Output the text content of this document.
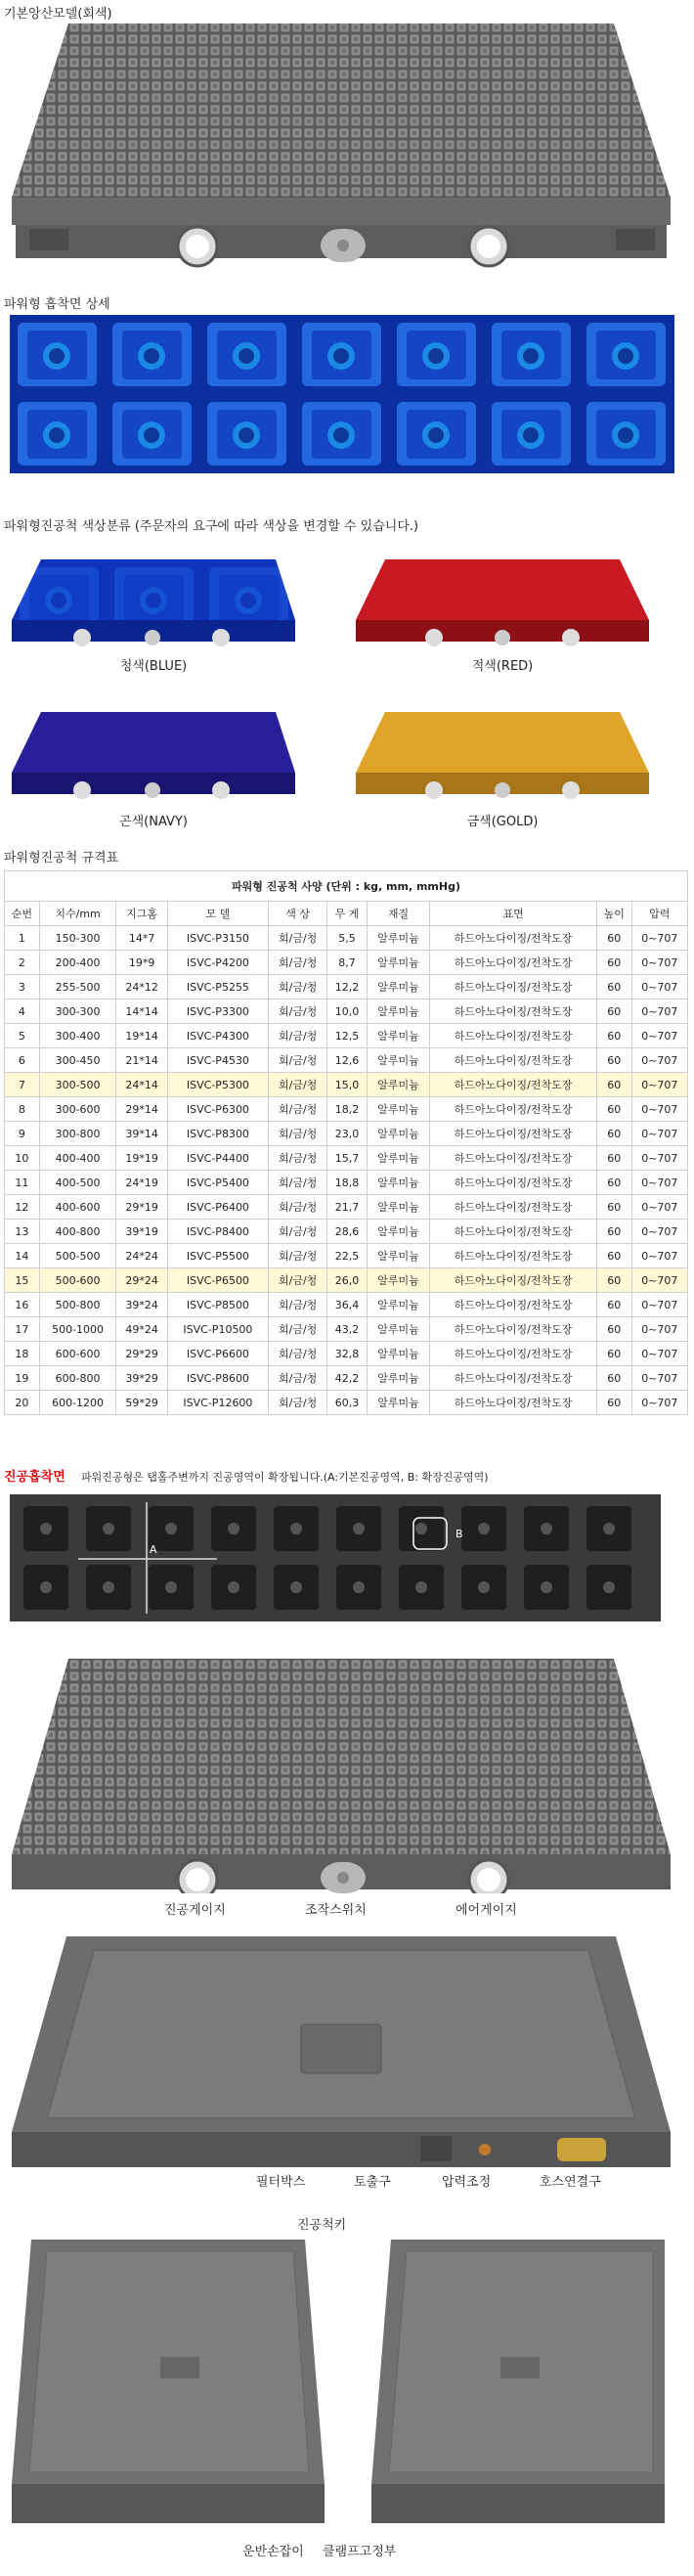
기본앙산모델(회색)
파워형 흡착면 상세
파워형진공척 색상분류 (주문자의 요구에 따라 색상을 변경할 수 있습니다.)
청색(BLUE)	적색(RED)
곤색(NAVY)	금색(GOLD)
파워형진공척 규격표
파워형 진공척 사양 (단위 : kg, mm, mmHg)									
순번	치수/mm	지그홈	모 델	색 상	무 게	재질	표면	높이	압력
1	150-300	14*7	ISVC-P3150	회/금/청	5,5	알루미늄	하드아노다이징/전착도장	60	0~707
2	200-400	19*9	ISVC-P4200	회/금/청	8,7	알루미늄	하드아노다이징/전착도장	60	0~707
3	255-500	24*12	ISVC-P5255	회/금/청	12,2	알루미늄	하드아노다이징/전착도장	60	0~707
4	300-300	14*14	ISVC-P3300	회/금/청	10,0	알루미늄	하드아노다이징/전착도장	60	0~707
5	300-400	19*14	ISVC-P4300	회/금/청	12,5	알루미늄	하드아노다이징/전착도장	60	0~707
6	300-450	21*14	ISVC-P4530	회/금/청	12,6	알루미늄	하드아노다이징/전착도장	60	0~707
7	300-500	24*14	ISVC-P5300	회/금/청	15,0	알루미늄	하드아노다이징/전착도장	60	0~707
8	300-600	29*14	ISVC-P6300	회/금/청	18,2	알루미늄	하드아노다이징/전착도장	60	0~707
9	300-800	39*14	ISVC-P8300	회/금/청	23,0	알루미늄	하드아노다이징/전착도장	60	0~707
10	400-400	19*19	ISVC-P4400	회/금/청	15,7	알루미늄	하드아노다이징/전착도장	60	0~707
11	400-500	24*19	ISVC-P5400	회/금/청	18,8	알루미늄	하드아노다이징/전착도장	60	0~707
12	400-600	29*19	ISVC-P6400	회/금/청	21,7	알루미늄	하드아노다이징/전착도장	60	0~707
13	400-800	39*19	ISVC-P8400	회/금/청	28,6	알루미늄	하드아노다이징/전착도장	60	0~707
14	500-500	24*24	ISVC-P5500	회/금/청	22,5	알루미늄	하드아노다이징/전착도장	60	0~707
15	500-600	29*24	ISVC-P6500	회/금/청	26,0	알루미늄	하드아노다이징/전착도장	60	0~707
16	500-800	39*24	ISVC-P8500	회/금/청	36,4	알루미늄	하드아노다이징/전착도장	60	0~707
17	500-1000	49*24	ISVC-P10500	회/금/청	43,2	알루미늄	하드아노다이징/전착도장	60	0~707
18	600-600	29*29	ISVC-P6600	회/금/청	32,8	알루미늄	하드아노다이징/전착도장	60	0~707
19	600-800	39*29	ISVC-P8600	회/금/청	42,2	알루미늄	하드아노다이징/전착도장	60	0~707
20	600-1200	59*29	ISVC-P12600	회/금/청	60,3	알루미늄	하드아노다이징/전착도장	60	0~707
진공흡착면 파워진공형은 탭홀주변까지 진공영역이 확장됩니다.(A:기본진공영역, B: 확장진공영역)
A
B
진공게이지	조작스위치	에어게이지
필터박스	토출구	압력조정	호스연결구
진공척키
운반손잡이 클램프고정부
